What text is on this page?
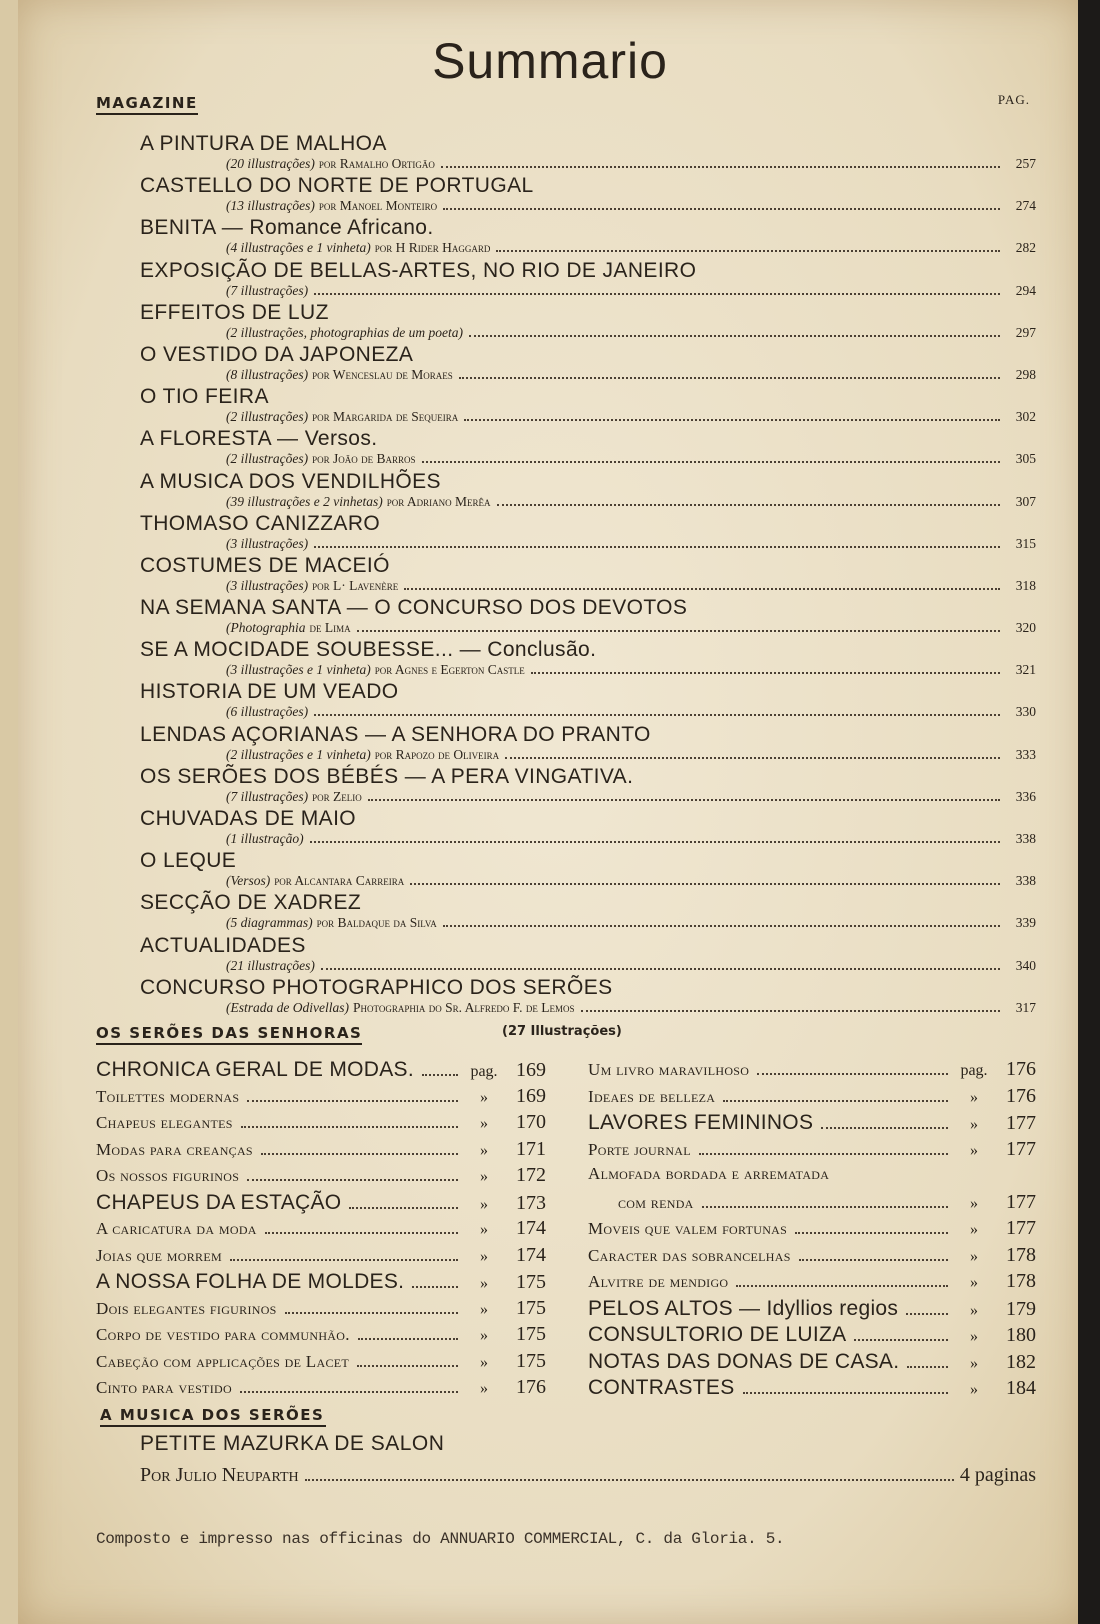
Summario
MAGAZINE	PAG.
A PINTURA DE MALHOA
(20 illustrações) por Ramalho Ortigão	257
CASTELLO DO NORTE DE PORTUGAL
(13 illustrações) por Manoel Monteiro	274
BENITA — Romance Africano.
(4 illustrações e 1 vinheta) por H Rider Haggard	282
EXPOSIÇÃO DE BELLAS-ARTES, NO RIO DE JANEIRO
(7 illustrações)	294
EFFEITOS DE LUZ
(2 illustrações, photographias de um poeta)	297
O VESTIDO DA JAPONEZA
(8 illustrações) por Wenceslau de Moraes	298
O TIO FEIRA
(2 illustrações) por Margarida de Sequeira	302
A FLORESTA — Versos.
(2 illustrações) por João de Barros	305
A MUSICA DOS VENDILHÕES
(39 illustrações e 2 vinhetas) por Adriano Merêa	307
THOMASO CANIZZARO
(3 illustrações)	315
COSTUMES DE MACEIÓ
(3 illustrações) por L· Lavenère	318
NA SEMANA SANTA — O CONCURSO DOS DEVOTOS
(Photographia de Lima	320
SE A MOCIDADE SOUBESSE... — Conclusão.
(3 illustrações e 1 vinheta) por Agnes e Egerton Castle	321
HISTORIA DE UM VEADO
(6 illustrações)	330
LENDAS AÇORIANAS — A SENHORA DO PRANTO
(2 illustrações e 1 vinheta) por Rapozo de Oliveira	333
OS SERÕES DOS BÉBÉS — A PERA VINGATIVA.
(7 illustrações) por Zelio	336
CHUVADAS DE MAIO
(1 illustração)	338
O LEQUE
(Versos) por Alcantara Carreira	338
SECÇÃO DE XADREZ
(5 diagrammas) por Baldaque da Silva	339
ACTUALIDADES
(21 illustrações)	340
CONCURSO PHOTOGRAPHICO DOS SERÕES
(Estrada de Odivellas) Photographia do Sr. Alfredo F. de Lemos	317
OS SERÕES DAS SENHORAS	(27 Illustrações)
CHRONICA GERAL DE MODAS.	pag. 169
Toilettes modernas	»	169
Chapeus elegantes	»	170
Modas para creanças	»	171
Os nossos figurinos	»	172
CHAPEUS DA ESTAÇÃO	»	173
A caricatura da moda	»	174
Joias que morrem	»	174
A NOSSA FOLHA DE MOLDES.	»	175
Dois elegantes figurinos	»	175
Corpo de vestido para communhão.	»	175
Cabeção com applicações de Lacet	»	175
Cinto para vestido	»	176
Um livro maravilhoso	pag. 176
Ideaes de belleza	»	176
LAVORES FEMININOS	»	177
Porte journal	»	177
Almofada bordada e arrematada
com renda	»	177
Moveis que valem fortunas	»	177
Caracter das sobrancelhas	»	178
Alvitre de mendigo	»	178
PELOS ALTOS — Idyllios regios	»	179
CONSULTORIO DE LUIZA	»	180
NOTAS DAS DONAS DE CASA.	»	182
CONTRASTES	»	184
A MUSICA DOS SERÕES
PETITE MAZURKA DE SALON
Por Julio Neuparth	4 paginas
Composto e impresso nas officinas do ANNUARIO COMMERCIAL, C. da Gloria. 5.
